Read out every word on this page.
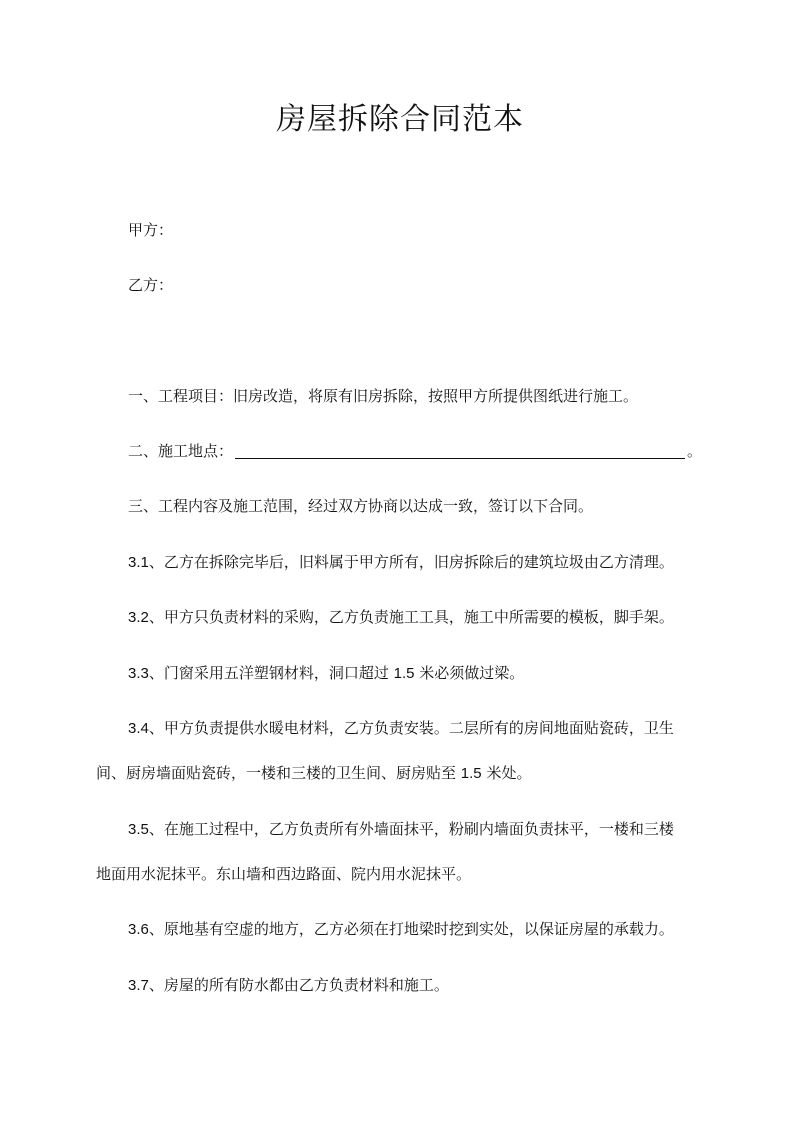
房屋拆除合同范本
甲方：
乙方：
一、工程项目：旧房改造，将原有旧房拆除，按照甲方所提供图纸进行施工。
二、施工地点：	。
三、工程内容及施工范围，经过双方协商以达成一致，签订以下合同。
3.1、乙方在拆除完毕后，旧料属于甲方所有，旧房拆除后的建筑垃圾由乙方清理。
3.2、甲方只负责材料的采购，乙方负责施工工具，施工中所需要的模板，脚手架。
3.3、门窗采用五洋塑钢材料，洞口超过 1.5 米必须做过梁。
3.4、甲方负责提供水暖电材料，乙方负责安装。二层所有的房间地面贴瓷砖，卫生
间、厨房墙面贴瓷砖，一楼和三楼的卫生间、厨房贴至 1.5 米处。
3.5、在施工过程中，乙方负责所有外墙面抹平，粉刷内墙面负责抹平，一楼和三楼
地面用水泥抹平。东山墙和西边路面、院内用水泥抹平。
3.6、原地基有空虚的地方，乙方必须在打地梁时挖到实处，以保证房屋的承载力。
3.7、房屋的所有防水都由乙方负责材料和施工。
